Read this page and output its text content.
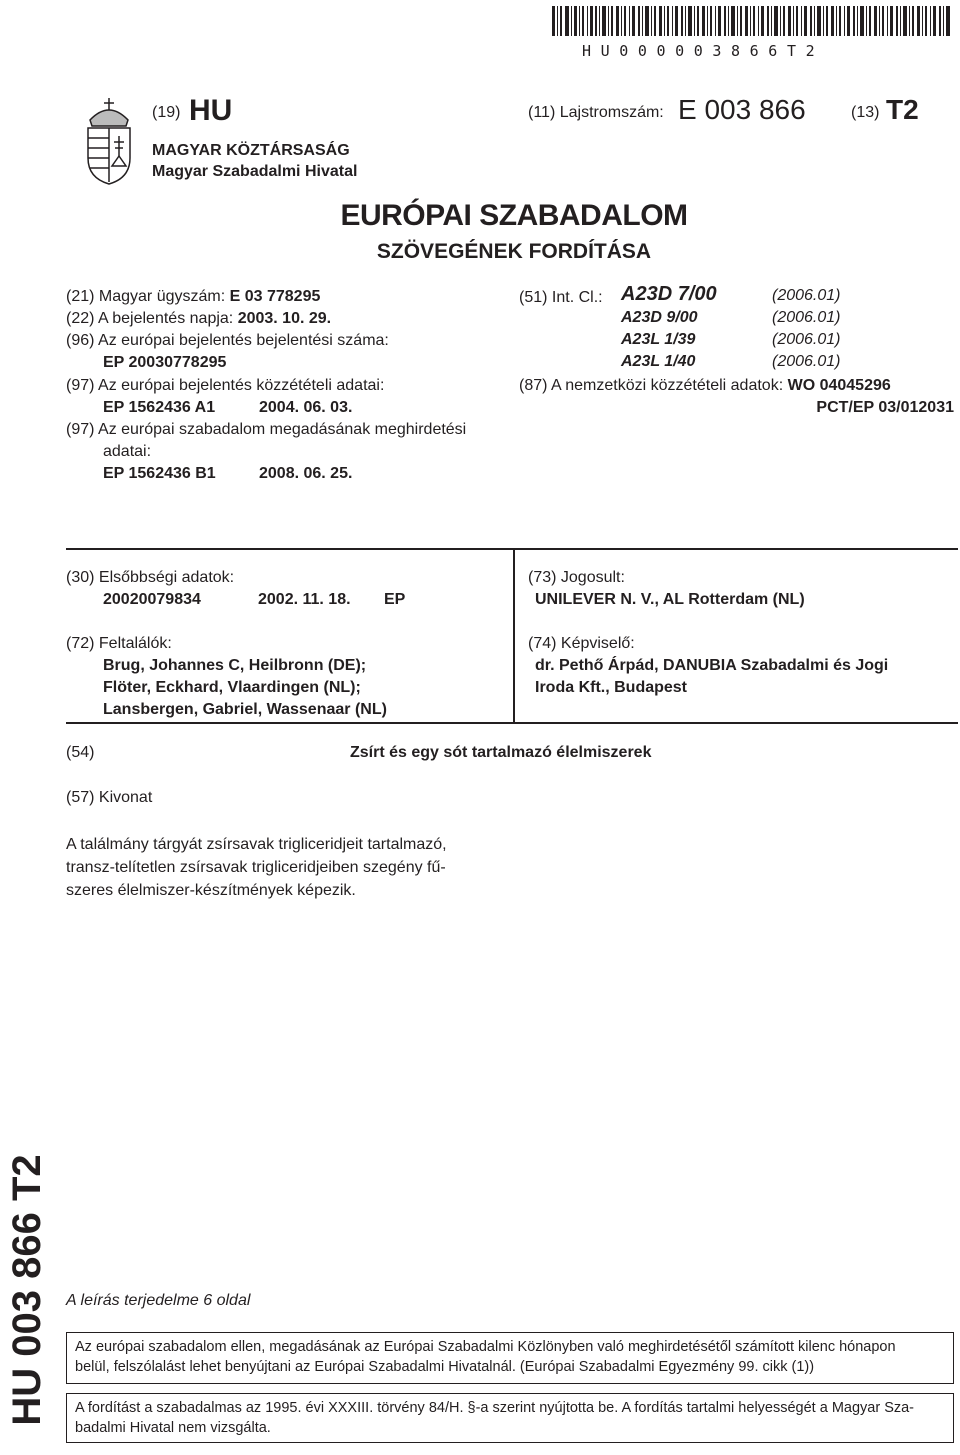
HU000003866T2
(19) HU	(11) Lajstromszám: E 003 866	(13) T2
MAGYAR KÖZTÁRSASÁG
Magyar Szabadalmi Hivatal
EURÓPAI SZABADALOM
SZÖVEGÉNEK FORDÍTÁSA
(21) Magyar ügyszám: E 03 778295
(22) A bejelentés napja: 2003. 10. 29.
(96) Az európai bejelentés bejelentési száma:
EP 20030778295
(97) Az európai bejelentés közzétételi adatai:
EP 1562436 A1	2004. 06. 03.
(97) Az európai szabadalom megadásának meghirdetési
adatai:
EP 1562436 B1	2008. 06. 25.
(51) Int. Cl.: A23D 7/00	(2006.01)
A23D 9/00	(2006.01)
A23L 1/39	(2006.01)
A23L 1/40	(2006.01)
(87) A nemzetközi közzétételi adatok: WO 04045296
PCT/EP 03/012031
(30) Elsőbbségi adatok:
20020079834	2002. 11. 18. EP
(72) Feltalálók:
Brug, Johannes C, Heilbronn (DE);
Flöter, Eckhard, Vlaardingen (NL);
Lansbergen, Gabriel, Wassenaar (NL)
(73) Jogosult:
UNILEVER N. V., AL Rotterdam (NL)
(74) Képviselő:
dr. Pethő Árpád, DANUBIA Szabadalmi és Jogi
Iroda Kft., Budapest
(54)	Zsírt és egy sót tartalmazó élelmiszerek
(57) Kivonat
A találmány tárgyát zsírsavak trigliceridjeit tartalmazó,
transz-telítetlen zsírsavak trigliceridjeiben szegény fű-
szeres élelmiszer-készítmények képezik.
HU 003 866 T2	A leírás terjedelme 6 oldal
Az európai szabadalom ellen, megadásának az Európai Szabadalmi Közlönyben való meghirdetésétől számított kilenc hónapon
belül, felszólalást lehet benyújtani az Európai Szabadalmi Hivatalnál. (Európai Szabadalmi Egyezmény 99. cikk (1))
A fordítást a szabadalmas az 1995. évi XXXIII. törvény 84/H. §-a szerint nyújtotta be. A fordítás tartalmi helyességét a Magyar Sza-
badalmi Hivatal nem vizsgálta.
